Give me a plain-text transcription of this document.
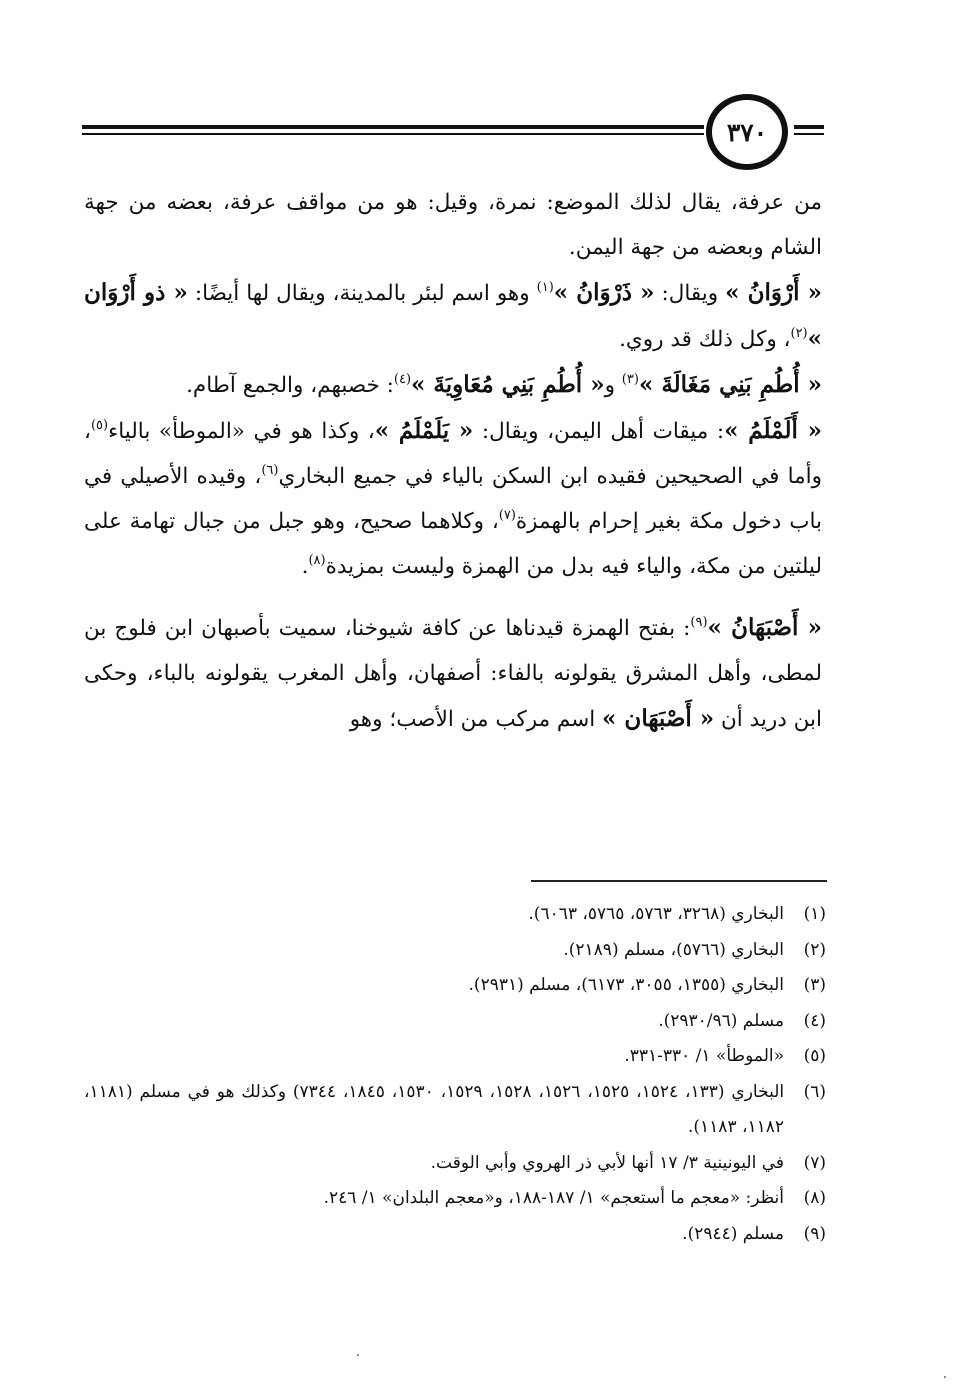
٣٧٠

من عرفة، يقال لذلك الموضع: نمرة، وقيل: هو من مواقف عرفة، بعضه من جهة الشام وبعضه من جهة اليمن.

« أَرْوَانُ » ويقال: « ذَرْوَانُ »$^{(١)}$ وهو اسم لبئر بالمدينة، ويقال لها أيضًا: « ذو أَرْوَان »$^{(٢)}$، وكل ذلك قد روي.

« أُطُمِ بَنِي مَغَالَةَ »$^{(٣)}$ و« أُطُمِ بَنِي مُعَاوِيَةَ »$^{(٤)}$: خصبهم، والجمع آطام.

« أَلَمْلَمُ »: ميقات أهل اليمن، ويقال: « يَلَمْلَمُ »، وكذا هو في «الموطأ» بالياء$^{(٥)}$، وأما في الصحيحين فقيده ابن السكن بالياء في جميع البخاري$^{(٦)}$، وقيده الأصيلي في باب دخول مكة بغير إحرام بالهمزة$^{(٧)}$، وكلاهما صحيح، وهو جبل من جبال تهامة على ليلتين من مكة، والياء فيه بدل من الهمزة وليست بمزيدة$^{(٨)}$.

« أَصْبَهَانُ »$^{(٩)}$: بفتح الهمزة قيدناها عن كافة شيوخنا، سميت بأصبهان ابن فلوج بن لمطى، وأهل المشرق يقولونه بالفاء: أصفهان، وأهل المغرب يقولونه بالباء، وحكى ابن دريد أن « أَصْبَهَان » اسم مركب من الأصب؛ وهو

(١)
البخاري (٣٢٦٨، ٥٧٦٣، ٥٧٦٥، ٦٠٦٣).
(٢)
البخاري (٥٧٦٦)، مسلم (٢١٨٩).
(٣)
البخاري (١٣٥٥، ٣٠٥٥، ٦١٧٣)، مسلم (٢٩٣١).
(٤)
مسلم (٢٩٣٠/٩٦).
(٥)
«الموطأ» ١/ ٣٣٠-٣٣١.
(٦)
البخاري (١٣٣، ١٥٢٤، ١٥٢٥، ١٥٢٦، ١٥٢٨، ١٥٢٩، ١٥٣٠، ١٨٤٥، ٧٣٤٤) وكذلك هو في مسلم (١١٨١، ١١٨٢، ١١٨٣).
(٧)
في اليونينية ٣/ ١٧ أنها لأبي ذر الهروي وأبي الوقت.
(٨)
أنظر: «معجم ما أستعجم» ١/ ١٨٧-١٨٨، و«معجم البلدان» ١/ ٢٤٦.
(٩)
مسلم (٢٩٤٤).
